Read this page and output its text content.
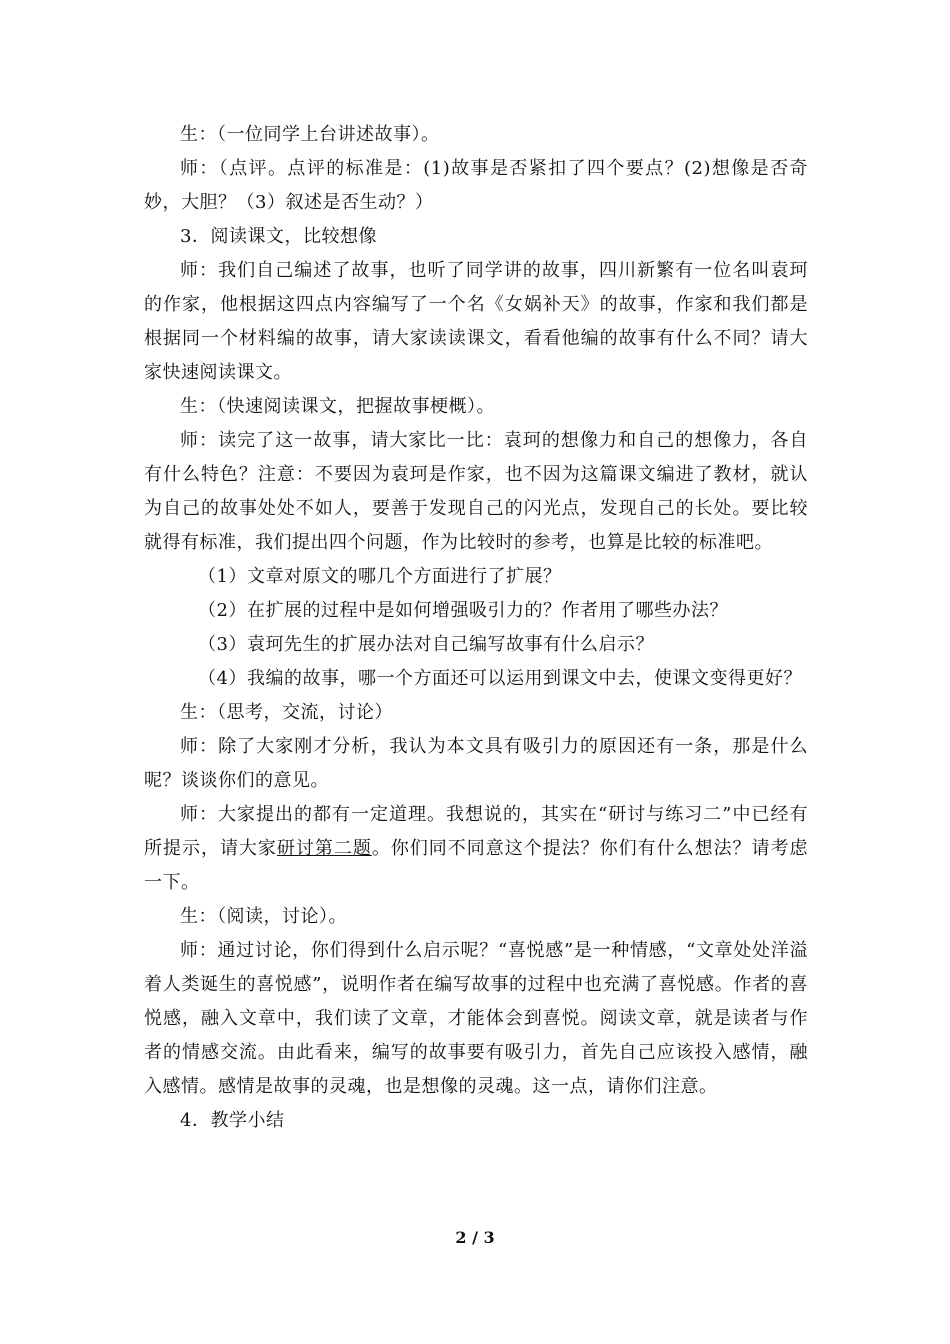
生：（一位同学上台讲述故事）。

师：（点评。点评的标准是：(1)故事是否紧扣了四个要点？(2)想像是否奇妙，大胆？（3）叙述是否生动？）

3．阅读课文，比较想像

师：我们自己编述了故事，也听了同学讲的故事，四川新繁有一位名叫袁珂的作家，他根据这四点内容编写了一个名《女娲补天》的故事，作家和我们都是根据同一个材料编的故事，请大家读读课文，看看他编的故事有什么不同？请大家快速阅读课文。

生：（快速阅读课文，把握故事梗概）。

师：读完了这一故事，请大家比一比：袁珂的想像力和自己的想像力，各自有什么特色？注意：不要因为袁珂是作家，也不因为这篇课文编进了教材，就认为自己的故事处处不如人，要善于发现自己的闪光点，发现自己的长处。要比较就得有标准，我们提出四个问题，作为比较时的参考，也算是比较的标准吧。

（1）文章对原文的哪几个方面进行了扩展？

（2）在扩展的过程中是如何增强吸引力的？作者用了哪些办法？

（3）袁珂先生的扩展办法对自己编写故事有什么启示？

（4）我编的故事，哪一个方面还可以运用到课文中去，使课文变得更好？

生：（思考，交流，讨论）

师：除了大家刚才分析，我认为本文具有吸引力的原因还有一条，那是什么呢？谈谈你们的意见。

师：大家提出的都有一定道理。我想说的，其实在“研讨与练习二”中已经有所提示，请大家研讨第二题。你们同不同意这个提法？你们有什么想法？请考虑一下。

生：（阅读，讨论）。

师：通过讨论，你们得到什么启示呢？“喜悦感”是一种情感，“文章处处洋溢着人类诞生的喜悦感”，说明作者在编写故事的过程中也充满了喜悦感。作者的喜悦感，融入文章中，我们读了文章，才能体会到喜悦。阅读文章，就是读者与作者的情感交流。由此看来，编写的故事要有吸引力，首先自己应该投入感情，融入感情。感情是故事的灵魂，也是想像的灵魂。这一点，请你们注意。

4．教学小结

2 / 3
